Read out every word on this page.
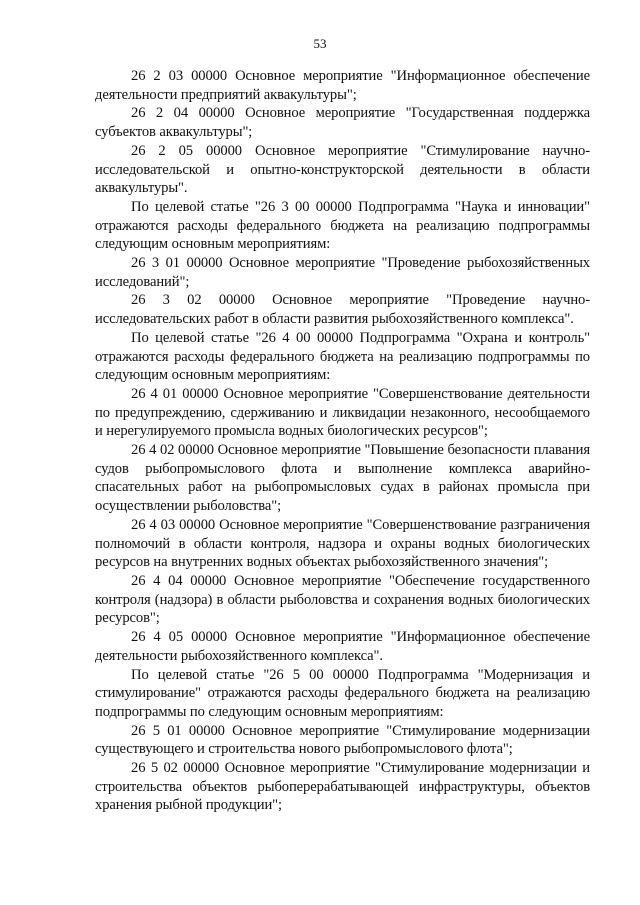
53

26 2 03 00000 Основное мероприятие "Информационное обеспечение деятельности предприятий аквакультуры";

26 2 04 00000 Основное мероприятие "Государственная поддержка субъектов аквакультуры";

26 2 05 00000 Основное мероприятие "Стимулирование научно-исследовательской и опытно-конструкторской деятельности в области аквакультуры".

По целевой статье "26 3 00 00000 Подпрограмма "Наука и инновации" отражаются расходы федерального бюджета на реализацию подпрограммы следующим основным мероприятиям:

26 3 01 00000 Основное мероприятие "Проведение рыбохозяйственных исследований";

26 3 02 00000 Основное мероприятие "Проведение научно-исследовательских работ в области развития рыбохозяйственного комплекса".

По целевой статье "26 4 00 00000 Подпрограмма "Охрана и контроль" отражаются расходы федерального бюджета на реализацию подпрограммы по следующим основным мероприятиям:

26 4 01 00000 Основное мероприятие "Совершенствование деятельности по предупреждению, сдерживанию и ликвидации незаконного, несообщаемого и нерегулируемого промысла водных биологических ресурсов";

26 4 02 00000 Основное мероприятие "Повышение безопасности плавания судов рыбопромыслового флота и выполнение комплекса аварийно-спасательных работ на рыбопромысловых судах в районах промысла при осуществлении рыболовства";

26 4 03 00000 Основное мероприятие "Совершенствование разграничения полномочий в области контроля, надзора и охраны водных биологических ресурсов на внутренних водных объектах рыбохозяйственного значения";

26 4 04 00000 Основное мероприятие "Обеспечение государственного контроля (надзора) в области рыболовства и сохранения водных биологических ресурсов";

26 4 05 00000 Основное мероприятие "Информационное обеспечение деятельности рыбохозяйственного комплекса".

По целевой статье "26 5 00 00000 Подпрограмма "Модернизация и стимулирование" отражаются расходы федерального бюджета на реализацию подпрограммы по следующим основным мероприятиям:

26 5 01 00000 Основное мероприятие "Стимулирование модернизации существующего и строительства нового рыбопромыслового флота";

26 5 02 00000 Основное мероприятие "Стимулирование модернизации и строительства объектов рыбоперерабатывающей инфраструктуры, объектов хранения рыбной продукции";
